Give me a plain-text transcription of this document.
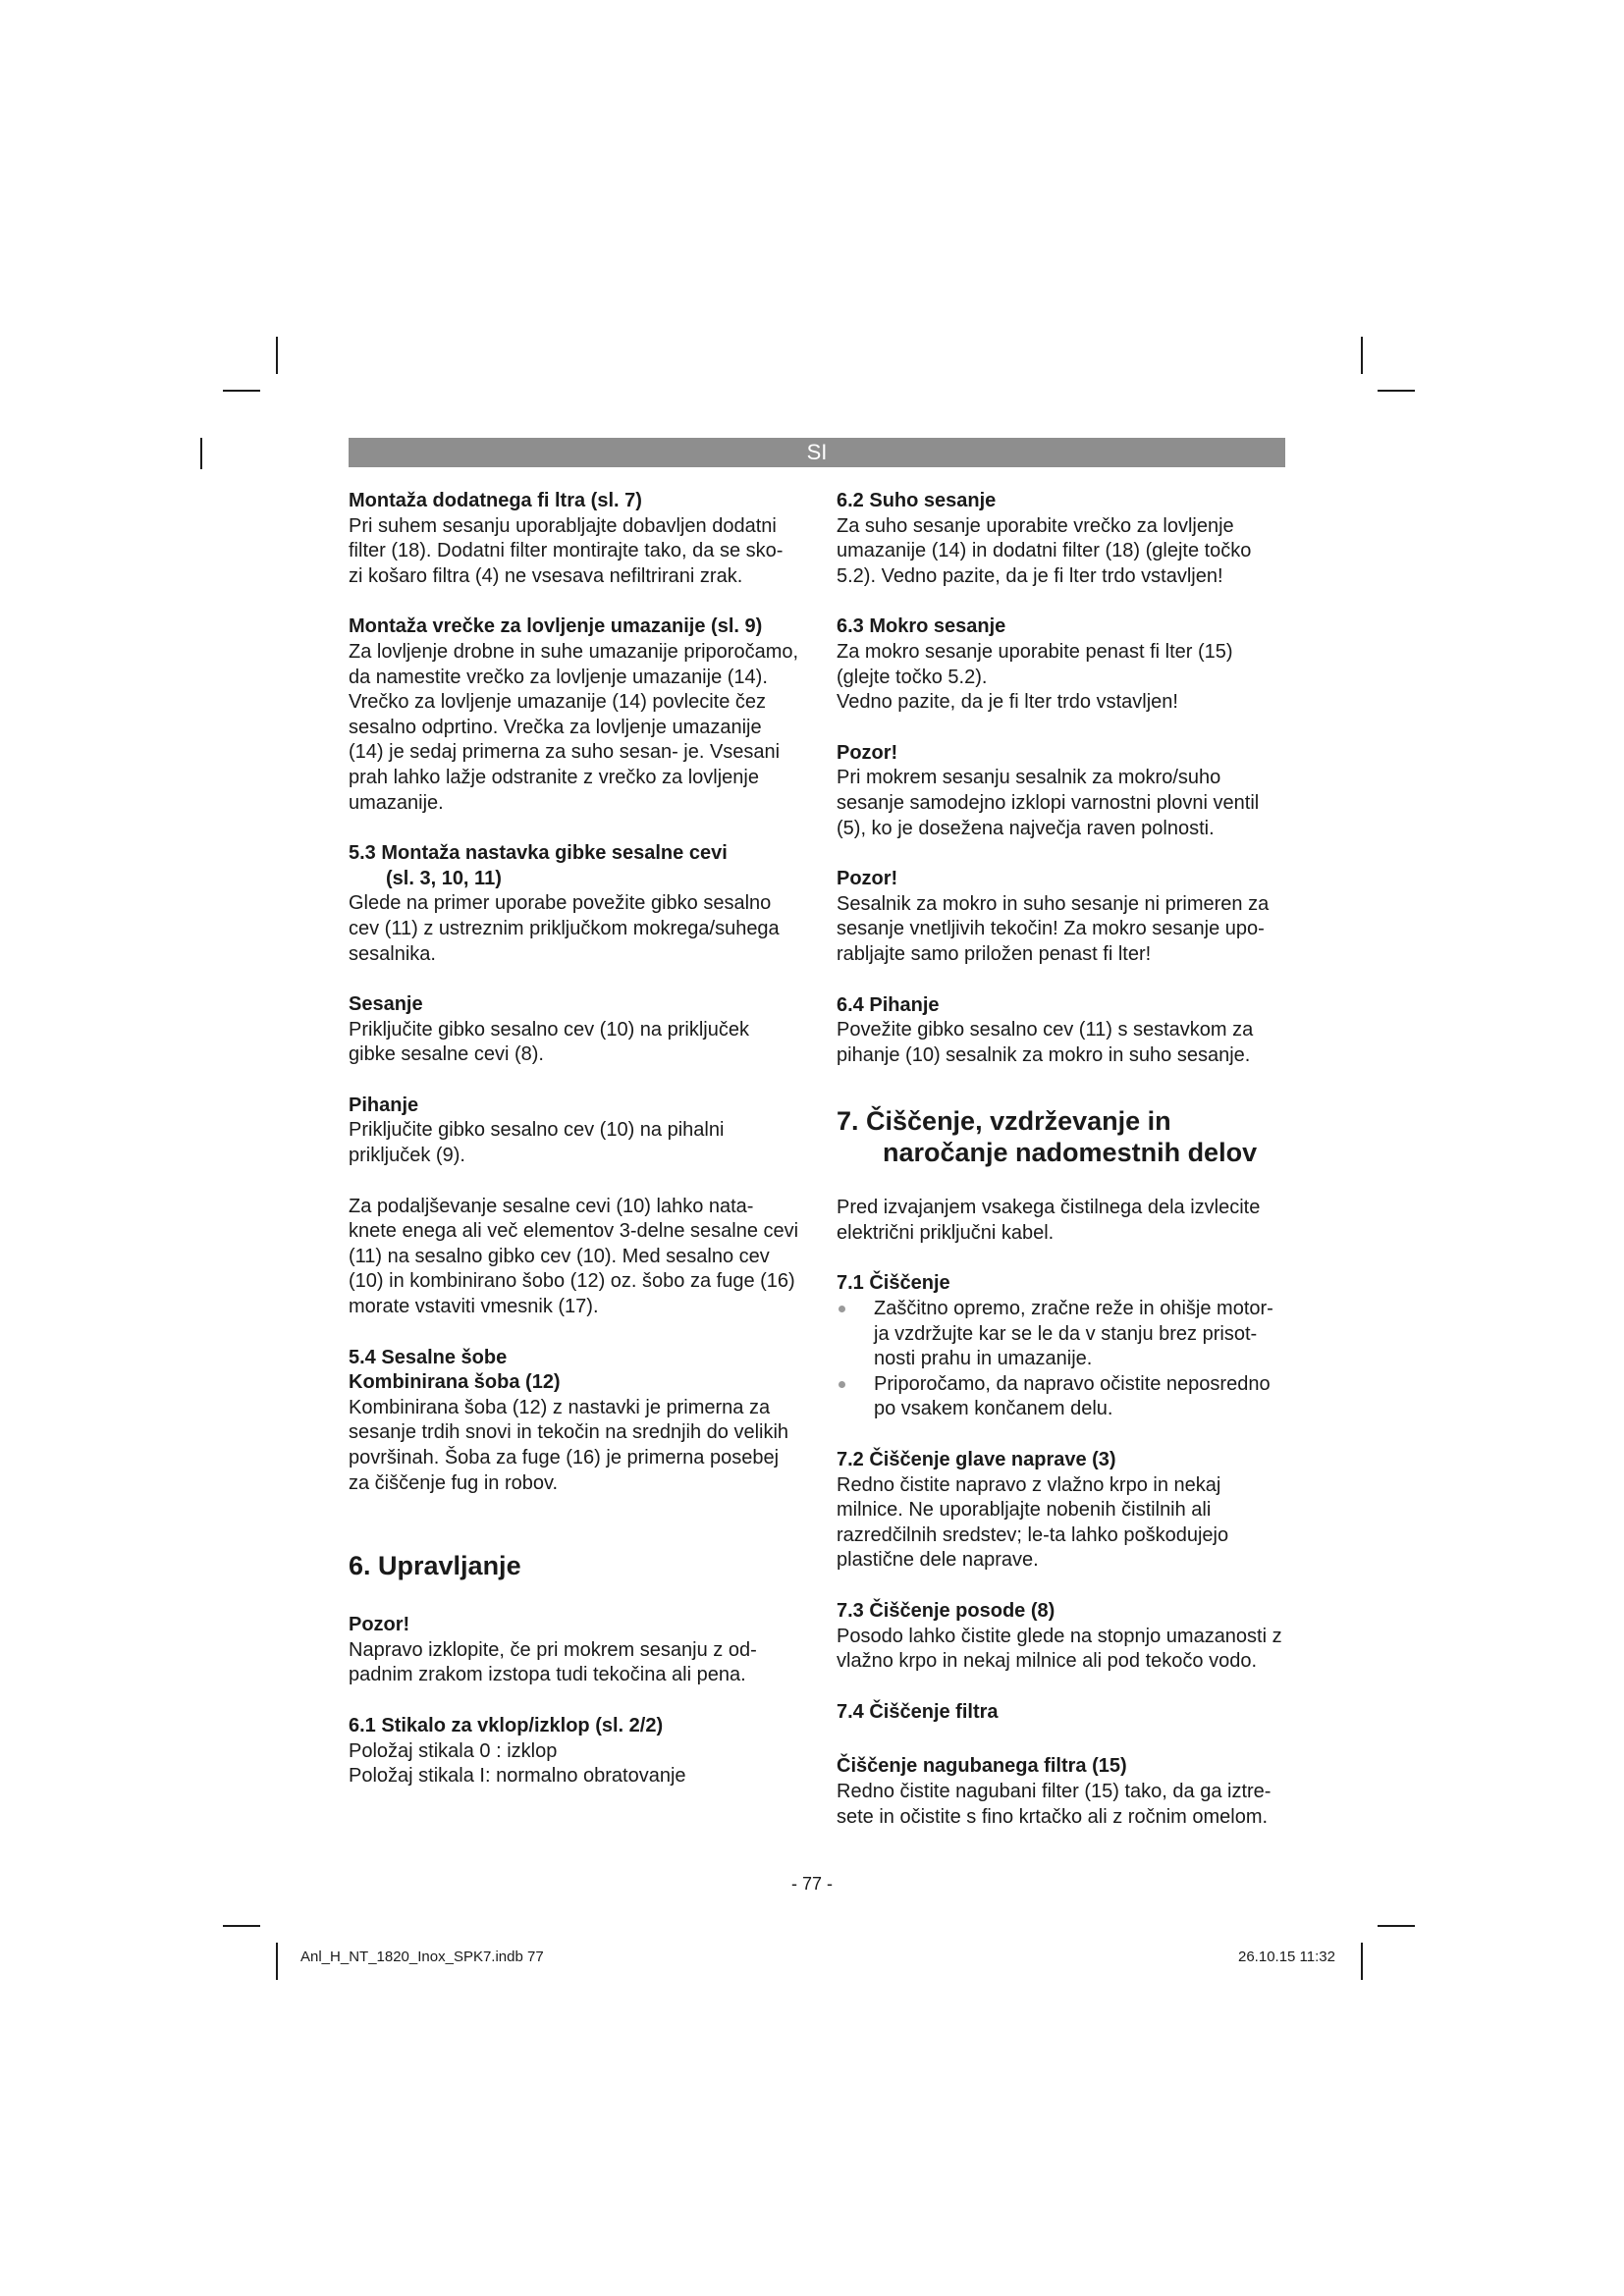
SI

Montaža dodatnega fi ltra (sl. 7)

Pri suhem sesanju uporabljajte dobavljen dodatni filter (18). Dodatni filter montirajte tako, da se sko- zi košaro filtra (4) ne vsesava nefiltrirani zrak.

Montaža vrečke za lovljenje umazanije (sl. 9)

Za lovljenje drobne in suhe umazanije priporočamo, da namestite vrečko za lovljenje umazanije (14). Vrečko za lovljenje umazanije (14) povlecite čez sesalno odprtino. Vrečka za lovljenje umazanije (14) je sedaj primerna za suho sesan- je. Vsesani prah lahko lažje odstranite z vrečko za lovljenje umazanije.

5.3 Montaža nastavka gibke sesalne cevi

(sl. 3, 10, 11)

Glede na primer uporabe povežite gibko sesalno cev (11) z ustreznim priključkom mokrega/suhega sesalnika.

Sesanje

Priključite gibko sesalno cev (10) na priključek gibke sesalne cevi (8).

Pihanje

Priključite gibko sesalno cev (10) na pihalni priključek (9).

Za podaljševanje sesalne cevi (10) lahko nata- knete enega ali več elementov 3-delne sesalne cevi (11) na sesalno gibko cev (10). Med sesalno cev (10) in kombinirano šobo (12) oz. šobo za fuge (16) morate vstaviti vmesnik (17).

5.4 Sesalne šobe

Kombinirana šoba (12)

Kombinirana šoba (12) z nastavki je primerna za sesanje trdih snovi in tekočin na srednjih do velikih površinah. Šoba za fuge (16) je primerna posebej za čiščenje fug in robov.

6. Upravljanje

Pozor!

Napravo izklopite, če pri mokrem sesanju z od- padnim zrakom izstopa tudi tekočina ali pena.

6.1 Stikalo za vklop/izklop (sl. 2/2)

Položaj stikala 0 : izklop

Položaj stikala I: normalno obratovanje

6.2 Suho sesanje

Za suho sesanje uporabite vrečko za lovljenje umazanije (14) in dodatni filter (18) (glejte točko 5.2). Vedno pazite, da je fi lter trdo vstavljen!

6.3 Mokro sesanje

Za mokro sesanje uporabite penast fi lter (15) (glejte točko 5.2).

Vedno pazite, da je fi lter trdo vstavljen!

Pozor!

Pri mokrem sesanju sesalnik za mokro/suho sesanje samodejno izklopi varnostni plovni ventil (5), ko je dosežena največja raven polnosti.

Pozor!

Sesalnik za mokro in suho sesanje ni primeren za sesanje vnetljivih tekočin! Za mokro sesanje upo- rabljajte samo priložen penast fi lter!

6.4 Pihanje

Povežite gibko sesalno cev (11) s sestavkom za pihanje (10) sesalnik za mokro in suho sesanje.

7. Čiščenje, vzdrževanje in
naročanje nadomestnih delov

Pred izvajanjem vsakega čistilnega dela izvlecite električni priključni kabel.

7.1 Čiščenje

Zaščitno opremo, zračne reže in ohišje motor- ja vzdržujte kar se le da v stanju brez prisot- nosti prahu in umazanije.
Priporočamo, da napravo očistite neposredno po vsakem končanem delu.

7.2 Čiščenje glave naprave (3)

Redno čistite napravo z vlažno krpo in nekaj milnice. Ne uporabljajte nobenih čistilnih ali razredčilnih sredstev; le-ta lahko poškodujejo plastične dele naprave.

7.3 Čiščenje posode (8)

Posodo lahko čistite glede na stopnjo umazanosti z vlažno krpo in nekaj milnice ali pod tekočo vodo.

7.4 Čiščenje filtra

Čiščenje nagubanega filtra (15)

Redno čistite nagubani filter (15) tako, da ga iztre- sete in očistite s fino krtačko ali z ročnim omelom.

- 77 -
Anl_H_NT_1820_Inox_SPK7.indb 77	26.10.15 11:32
